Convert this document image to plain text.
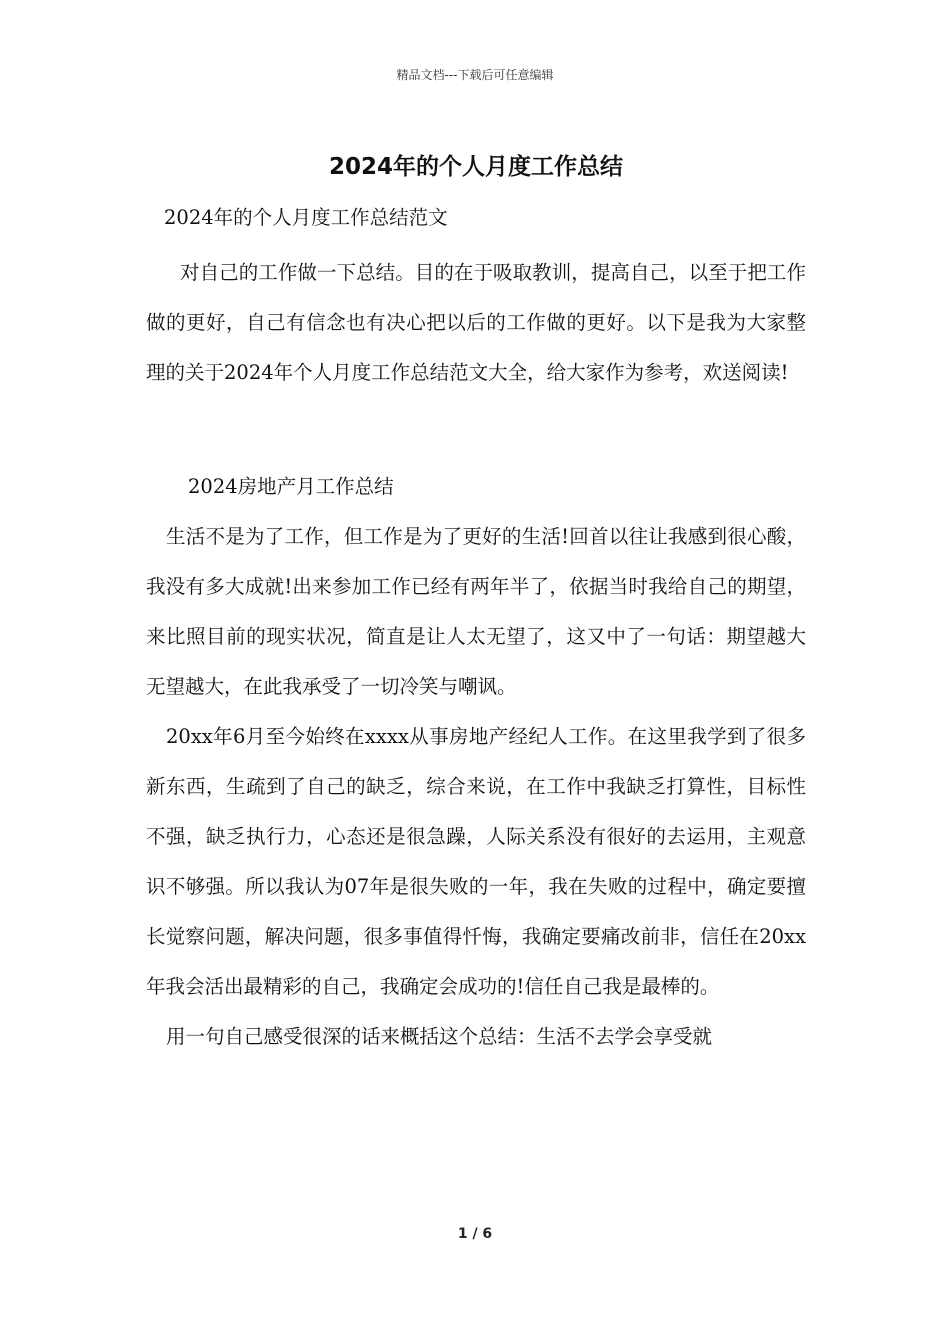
精品文档---下载后可任意编辑
2024年的个人月度工作总结
2024年的个人月度工作总结范文

对自己的工作做一下总结。目的在于吸取教训，提高自己，以至于把工作做的更好，自己有信念也有决心把以后的工作做的更好。以下是我为大家整理的关于2024年个人月度工作总结范文大全，给大家作为参考，欢送阅读!

2024房地产月工作总结

生活不是为了工作，但工作是为了更好的生活!回首以往让我感到很心酸，我没有多大成就!出来参加工作已经有两年半了，依据当时我给自己的期望，来比照目前的现实状况，简直是让人太无望了，这又中了一句话：期望越大无望越大，在此我承受了一切冷笑与嘲讽。

20xx年6月至今始终在xxxx从事房地产经纪人工作。在这里我学到了很多新东西，生疏到了自己的缺乏，综合来说，在工作中我缺乏打算性，目标性不强，缺乏执行力，心态还是很急躁，人际关系没有很好的去运用，主观意识不够强。所以我认为07年是很失败的一年，我在失败的过程中，确定要擅长觉察问题，解决问题，很多事值得忏悔，我确定要痛改前非，信任在20xx年我会活出最精彩的自己，我确定会成功的!信任自己我是最棒的。

用一句自己感受很深的话来概括这个总结：生活不去学会享受就

1 / 6
